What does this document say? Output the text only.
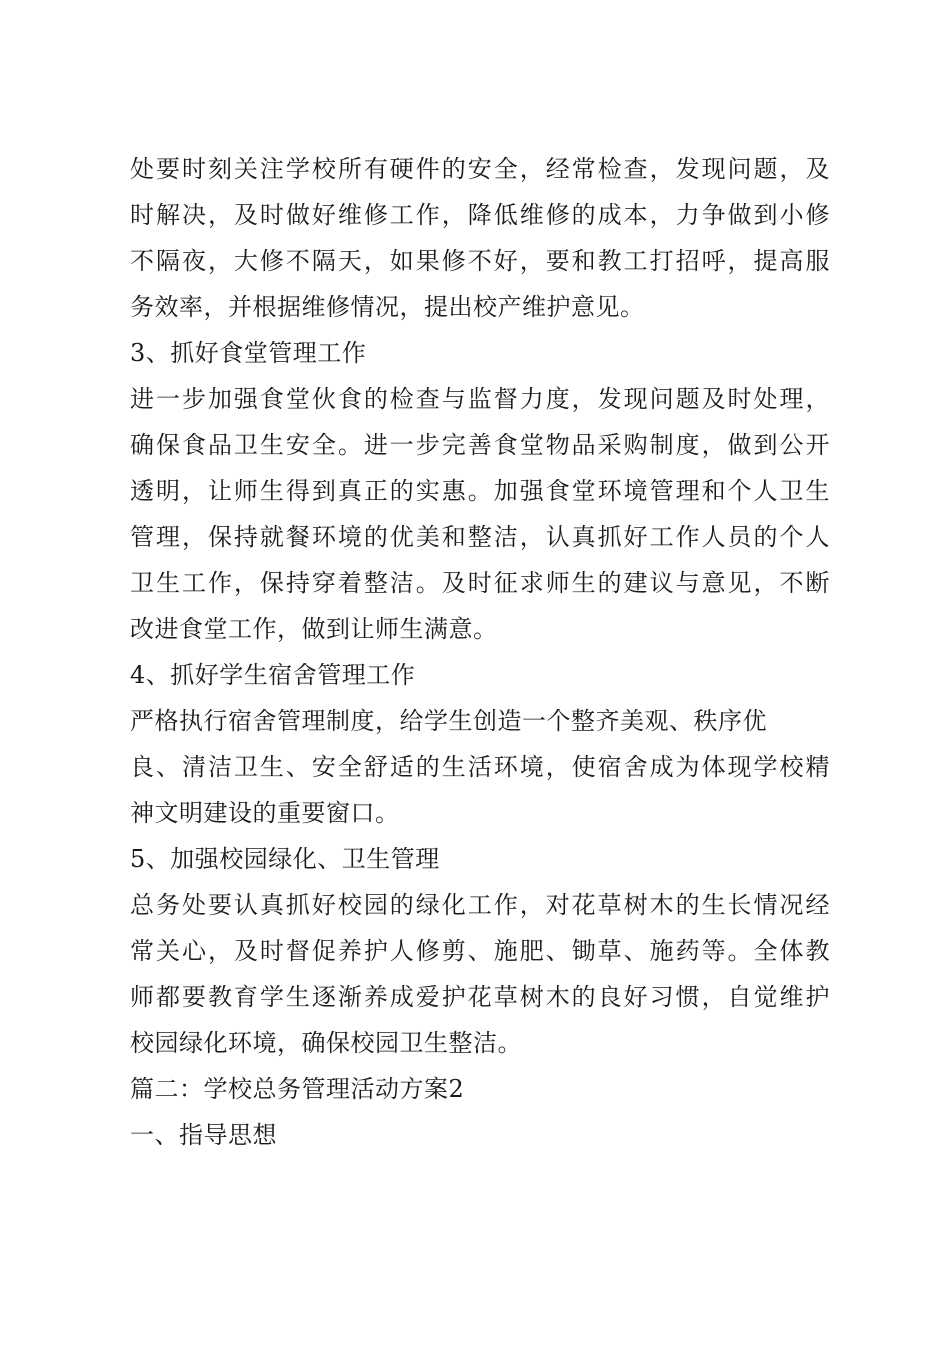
处要时刻关注学校所有硬件的安全，经常检查，发现问题，及
时解决，及时做好维修工作，降低维修的成本，力争做到小修
不隔夜，大修不隔天，如果修不好，要和教工打招呼，提高服
务效率，并根据维修情况，提出校产维护意见。
3、抓好食堂管理工作
进一步加强食堂伙食的检查与监督力度，发现问题及时处理，
确保食品卫生安全。进一步完善食堂物品采购制度，做到公开
透明，让师生得到真正的实惠。加强食堂环境管理和个人卫生
管理，保持就餐环境的优美和整洁，认真抓好工作人员的个人
卫生工作，保持穿着整洁。及时征求师生的建议与意见，不断
改进食堂工作，做到让师生满意。
4、抓好学生宿舍管理工作
严格执行宿舍管理制度，给学生创造一个整齐美观、秩序优
良、清洁卫生、安全舒适的生活环境，使宿舍成为体现学校精
神文明建设的重要窗口。
5、加强校园绿化、卫生管理
总务处要认真抓好校园的绿化工作，对花草树木的生长情况经
常关心，及时督促养护人修剪、施肥、锄草、施药等。全体教
师都要教育学生逐渐养成爱护花草树木的良好习惯，自觉维护
校园绿化环境，确保校园卫生整洁。
篇二：学校总务管理活动方案2
一、指导思想
